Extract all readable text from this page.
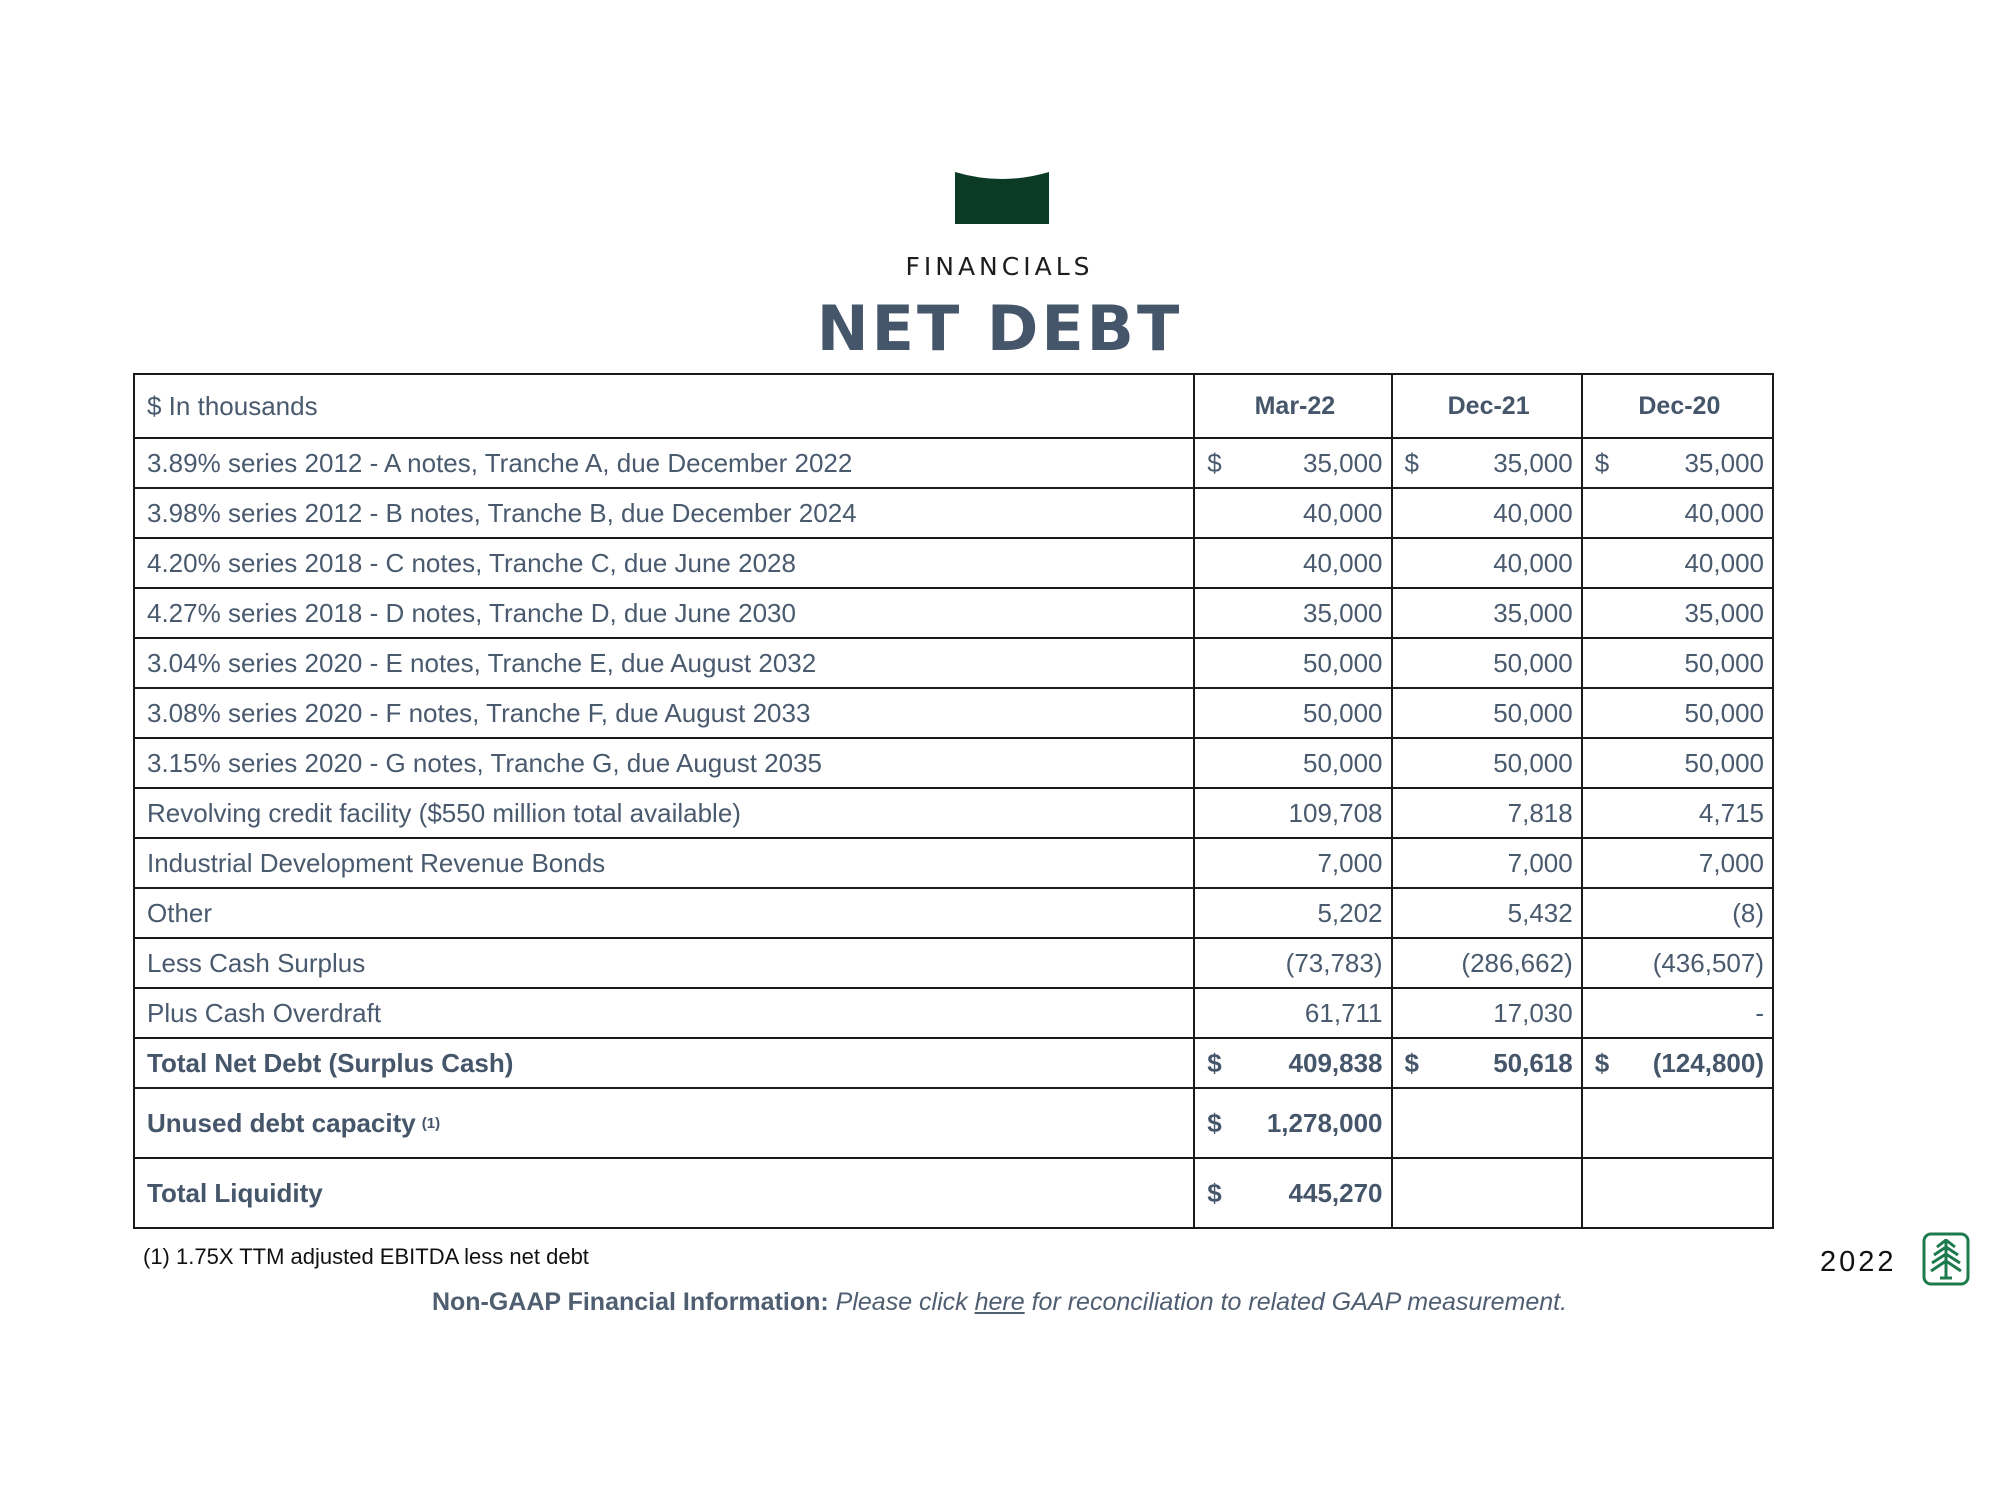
FINANCIALS
NET DEBT
$ In thousands	Mar-22	Dec-21	Dec-20
3.89% series 2012 - A notes, Tranche A, due December 2022	$ 35,000	$ 35,000	$ 35,000

3.98% series 2012 - B notes, Tranche B, due December 2024	40,000	40,000	40,000
4.20% series 2018 - C notes, Tranche C, due June 2028	40,000	40,000	40,000
4.27% series 2018 - D notes, Tranche D, due June 2030	35,000	35,000	35,000
3.04% series 2020 - E notes, Tranche E, due August 2032	50,000	50,000	50,000
3.08% series 2020 - F notes, Tranche F, due August 2033	50,000	50,000	50,000
3.15% series 2020 - G notes, Tranche G, due August 2035	50,000	50,000	50,000
Revolving credit facility ($550 million total available)	109,708	7,818	4,715
Industrial Development Revenue Bonds	7,000	7,000	7,000
Other	5,202	5,432	(8)
Less Cash Surplus	(73,783)	(286,662)	(436,507)
Plus Cash Overdraft	61,711	17,030	-
Total Net Debt (Surplus Cash)	$ 409,838	$ 50,618	$ (124,800)

Unused debt capacity $^{(1)}$	$ 1,278,000		

Total Liquidity	$ 445,270		

(1) 1.75X TTM adjusted EBITDA less net debt
Non-GAAP Financial Information: Please click here for reconciliation to related GAAP measurement.
2022
